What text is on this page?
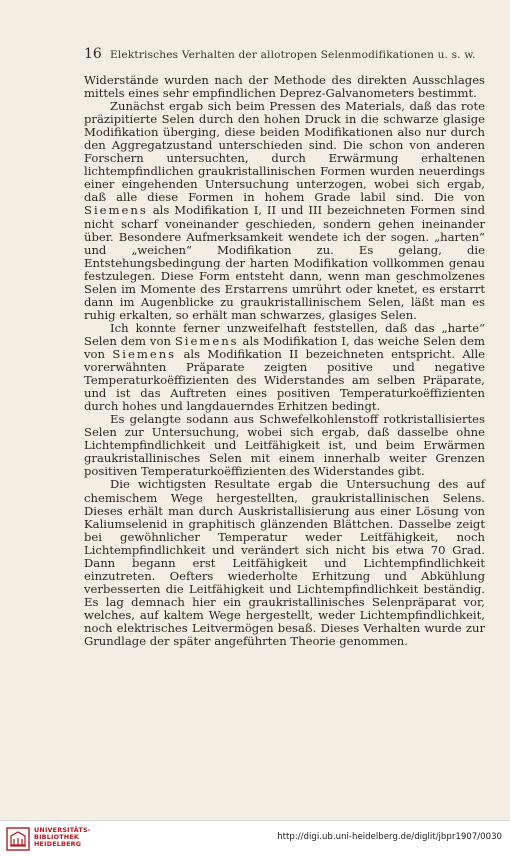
16 Elektrisches Verhalten der allotropen Selenmodifikationen u. s. w.

Widerstände wurden nach der Methode des direkten Ausschlages mittels eines sehr empfindlichen Deprez-Galvanometers bestimmt.

Zunächst ergab sich beim Pressen des Materials, daß das rote präzipitierte Selen durch den hohen Druck in die schwarze glasige Modifikation überging, diese beiden Modifikationen also nur durch den Aggregatzustand unterschieden sind. Die schon von anderen Forschern untersuchten, durch Erwärmung erhaltenen lichtempfindlichen graukristallinischen Formen wurden neuerdings einer eingehenden Untersuchung unterzogen, wobei sich ergab, daß alle diese Formen in hohem Grade labil sind. Die von Siemens als Modifikation I, II und III bezeichneten Formen sind nicht scharf voneinander geschieden, sondern gehen ineinander über. Besondere Aufmerksamkeit wendete ich der sogen. „harten“ und „weichen“ Modifikation zu. Es gelang, die Entstehungsbedingung der harten Modifikation vollkommen genau festzulegen. Diese Form entsteht dann, wenn man geschmolzenes Selen im Momente des Erstarrens umrührt oder knetet, es erstarrt dann im Augenblicke zu graukristallinischem Selen, läßt man es ruhig erkalten, so erhält man schwarzes, glasiges Selen.

Ich konnte ferner unzweifelhaft feststellen, daß das „harte“ Selen dem von Siemens als Modifikation I, das weiche Selen dem von Siemens als Modifikation II bezeichneten entspricht. Alle vorerwähnten Präparate zeigten positive und negative Temperaturkoëffizienten des Widerstandes am selben Präparate, und ist das Auftreten eines positiven Temperaturkoëffizienten durch hohes und langdauerndes Erhitzen bedingt.

Es gelangte sodann aus Schwefelkohlenstoff rotkristallisiertes Selen zur Untersuchung, wobei sich ergab, daß dasselbe ohne Lichtempfindlichkeit und Leitfähigkeit ist, und beim Erwärmen graukristallinisches Selen mit einem innerhalb weiter Grenzen positiven Temperaturkoëffizienten des Widerstandes gibt.

Die wichtigsten Resultate ergab die Untersuchung des auf chemischem Wege hergestellten, graukristallinischen Selens. Dieses erhält man durch Auskristallisierung aus einer Lösung von Kaliumselenid in graphitisch glänzenden Blättchen. Dasselbe zeigt bei gewöhnlicher Temperatur weder Leitfähigkeit, noch Lichtempfindlichkeit und verändert sich nicht bis etwa 70 Grad. Dann begann erst Leitfähigkeit und Lichtempfindlichkeit einzutreten. Oefters wiederholte Erhitzung und Abkühlung verbesserten die Leitfähigkeit und Lichtempfindlichkeit beständig. Es lag demnach hier ein graukristallinisches Selenpräparat vor, welches, auf kaltem Wege hergestellt, weder Lichtempfindlichkeit, noch elektrisches Leitvermögen besaß. Dieses Verhalten wurde zur Grundlage der später angeführten Theorie genommen.

UNIVERSITÄTS-
BIBLIOTHEK
HEIDELBERG
http://digi.ub.uni-heidelberg.de/diglit/jbpr1907/0030
